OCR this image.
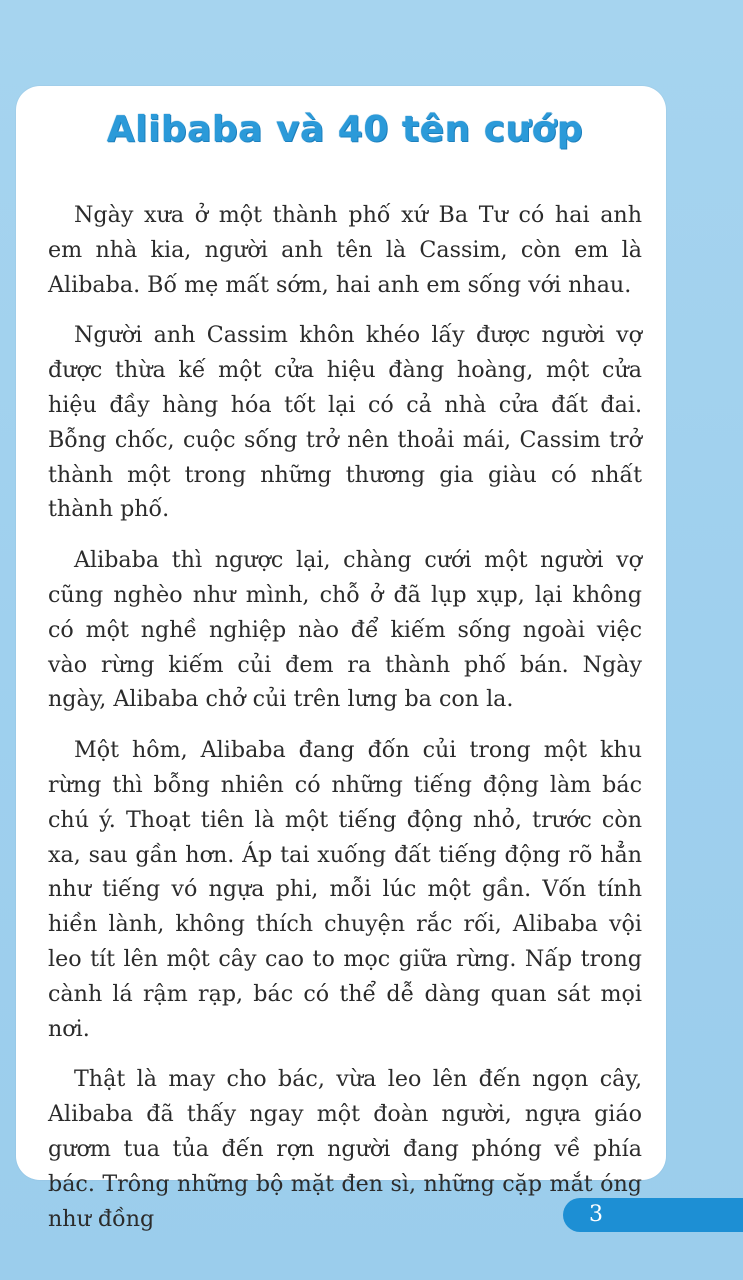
Alibaba và 40 tên cướp

Ngày xưa ở một thành phố xứ Ba Tư có hai anh em nhà kia, người anh tên là Cassim, còn em là Alibaba. Bố mẹ mất sớm, hai anh em sống với nhau.

Người anh Cassim khôn khéo lấy được người vợ được thừa kế một cửa hiệu đàng hoàng, một cửa hiệu đầy hàng hóa tốt lại có cả nhà cửa đất đai. Bỗng chốc, cuộc sống trở nên thoải mái, Cassim trở thành một trong những thương gia giàu có nhất thành phố.

Alibaba thì ngược lại, chàng cưới một người vợ cũng nghèo như mình, chỗ ở đã lụp xụp, lại không có một nghề nghiệp nào để kiếm sống ngoài việc vào rừng kiếm củi đem ra thành phố bán. Ngày ngày, Alibaba chở củi trên lưng ba con la.

Một hôm, Alibaba đang đốn củi trong một khu rừng thì bỗng nhiên có những tiếng động làm bác chú ý. Thoạt tiên là một tiếng động nhỏ, trước còn xa, sau gần hơn. Áp tai xuống đất tiếng động rõ hẳn như tiếng vó ngựa phi, mỗi lúc một gần. Vốn tính hiền lành, không thích chuyện rắc rối, Alibaba vội leo tít lên một cây cao to mọc giữa rừng. Nấp trong cành lá rậm rạp, bác có thể dễ dàng quan sát mọi nơi.

Thật là may cho bác, vừa leo lên đến ngọn cây, Alibaba đã thấy ngay một đoàn người, ngựa giáo gươm tua tủa đến rợn người đang phóng về phía bác. Trông những bộ mặt đen sì, những cặp mắt óng như đồng	3
